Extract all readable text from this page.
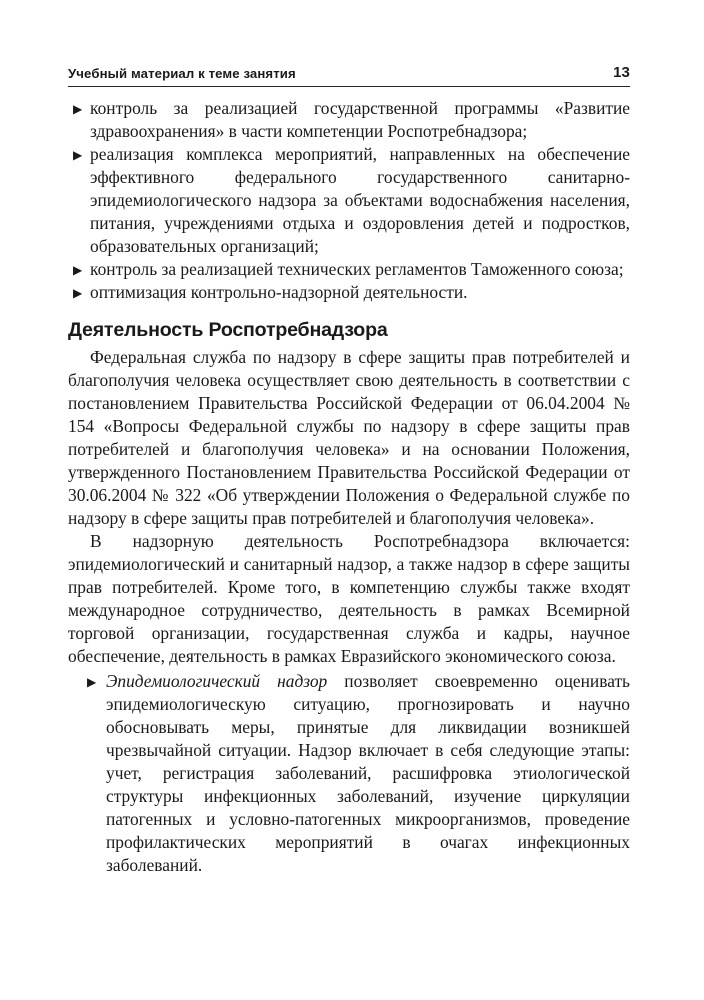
Учебный материал к теме занятия	13
▶ контроль за реализацией государственной программы «Развитие здравоохранения» в части компетенции Роспотребнадзора;
▶ реализация комплекса мероприятий, направленных на обеспечение эффективного федерального государственного санитарно-эпидемиологического надзора за объектами водоснабжения населения, питания, учреждениями отдыха и оздоровления детей и подростков, образовательных организаций;
▶ контроль за реализацией технических регламентов Таможенного союза;
▶ оптимизация контрольно-надзорной деятельности.
Деятельность Роспотребнадзора

Федеральная служба по надзору в сфере защиты прав потребителей и благополучия человека осуществляет свою деятельность в соответствии с постановлением Правительства Российской Федерации от 06.04.2004 № 154 «Вопросы Федеральной службы по надзору в сфере защиты прав потребителей и благополучия человека» и на основании Положения, утвержденного Постановлением Правительства Российской Федерации от 30.06.2004 № 322 «Об утверждении Положения о Федеральной службе по надзору в сфере защиты прав потребителей и благополучия человека».

В надзорную деятельность Роспотребнадзора включается: эпидемиологический и санитарный надзор, а также надзор в сфере защиты прав потребителей. Кроме того, в компетенцию службы также входят международное сотрудничество, деятельность в рамках Всемирной торговой организации, государственная служба и кадры, научное обеспечение, деятельность в рамках Евразийского экономического союза.

▶ Эпидемиологический надзор позволяет своевременно оценивать эпидемиологическую ситуацию, прогнозировать и научно обосновывать меры, принятые для ликвидации возникшей чрезвычайной ситуации. Надзор включает в себя следующие этапы: учет, регистрация заболеваний, расшифровка этиологической структуры инфекционных заболеваний, изучение циркуляции патогенных и условно-патогенных микроорганизмов, проведение профилактических мероприятий в очагах инфекционных заболеваний.
